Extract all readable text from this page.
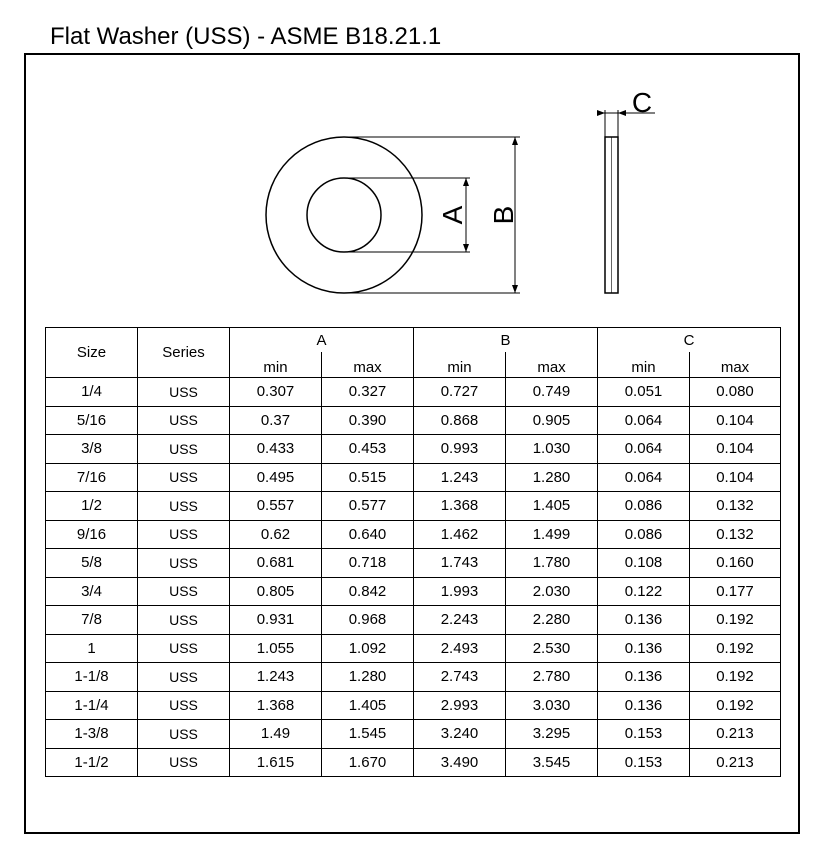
Flat Washer (USS) - ASME B18.21.1
A B
C
Size	Series	A		B		C	
		min	max	min	max	min	max
1/4	USS	0.307	0.327	0.727	0.749	0.051	0.080
5/16	USS	0.37	0.390	0.868	0.905	0.064	0.104
3/8	USS	0.433	0.453	0.993	1.030	0.064	0.104
7/16	USS	0.495	0.515	1.243	1.280	0.064	0.104
1/2	USS	0.557	0.577	1.368	1.405	0.086	0.132
9/16	USS	0.62	0.640	1.462	1.499	0.086	0.132
5/8	USS	0.681	0.718	1.743	1.780	0.108	0.160
3/4	USS	0.805	0.842	1.993	2.030	0.122	0.177
7/8	USS	0.931	0.968	2.243	2.280	0.136	0.192
1	USS	1.055	1.092	2.493	2.530	0.136	0.192
1-1/8	USS	1.243	1.280	2.743	2.780	0.136	0.192
1-1/4	USS	1.368	1.405	2.993	3.030	0.136	0.192
1-3/8	USS	1.49	1.545	3.240	3.295	0.153	0.213
1-1/2	USS	1.615	1.670	3.490	3.545	0.153	0.213
